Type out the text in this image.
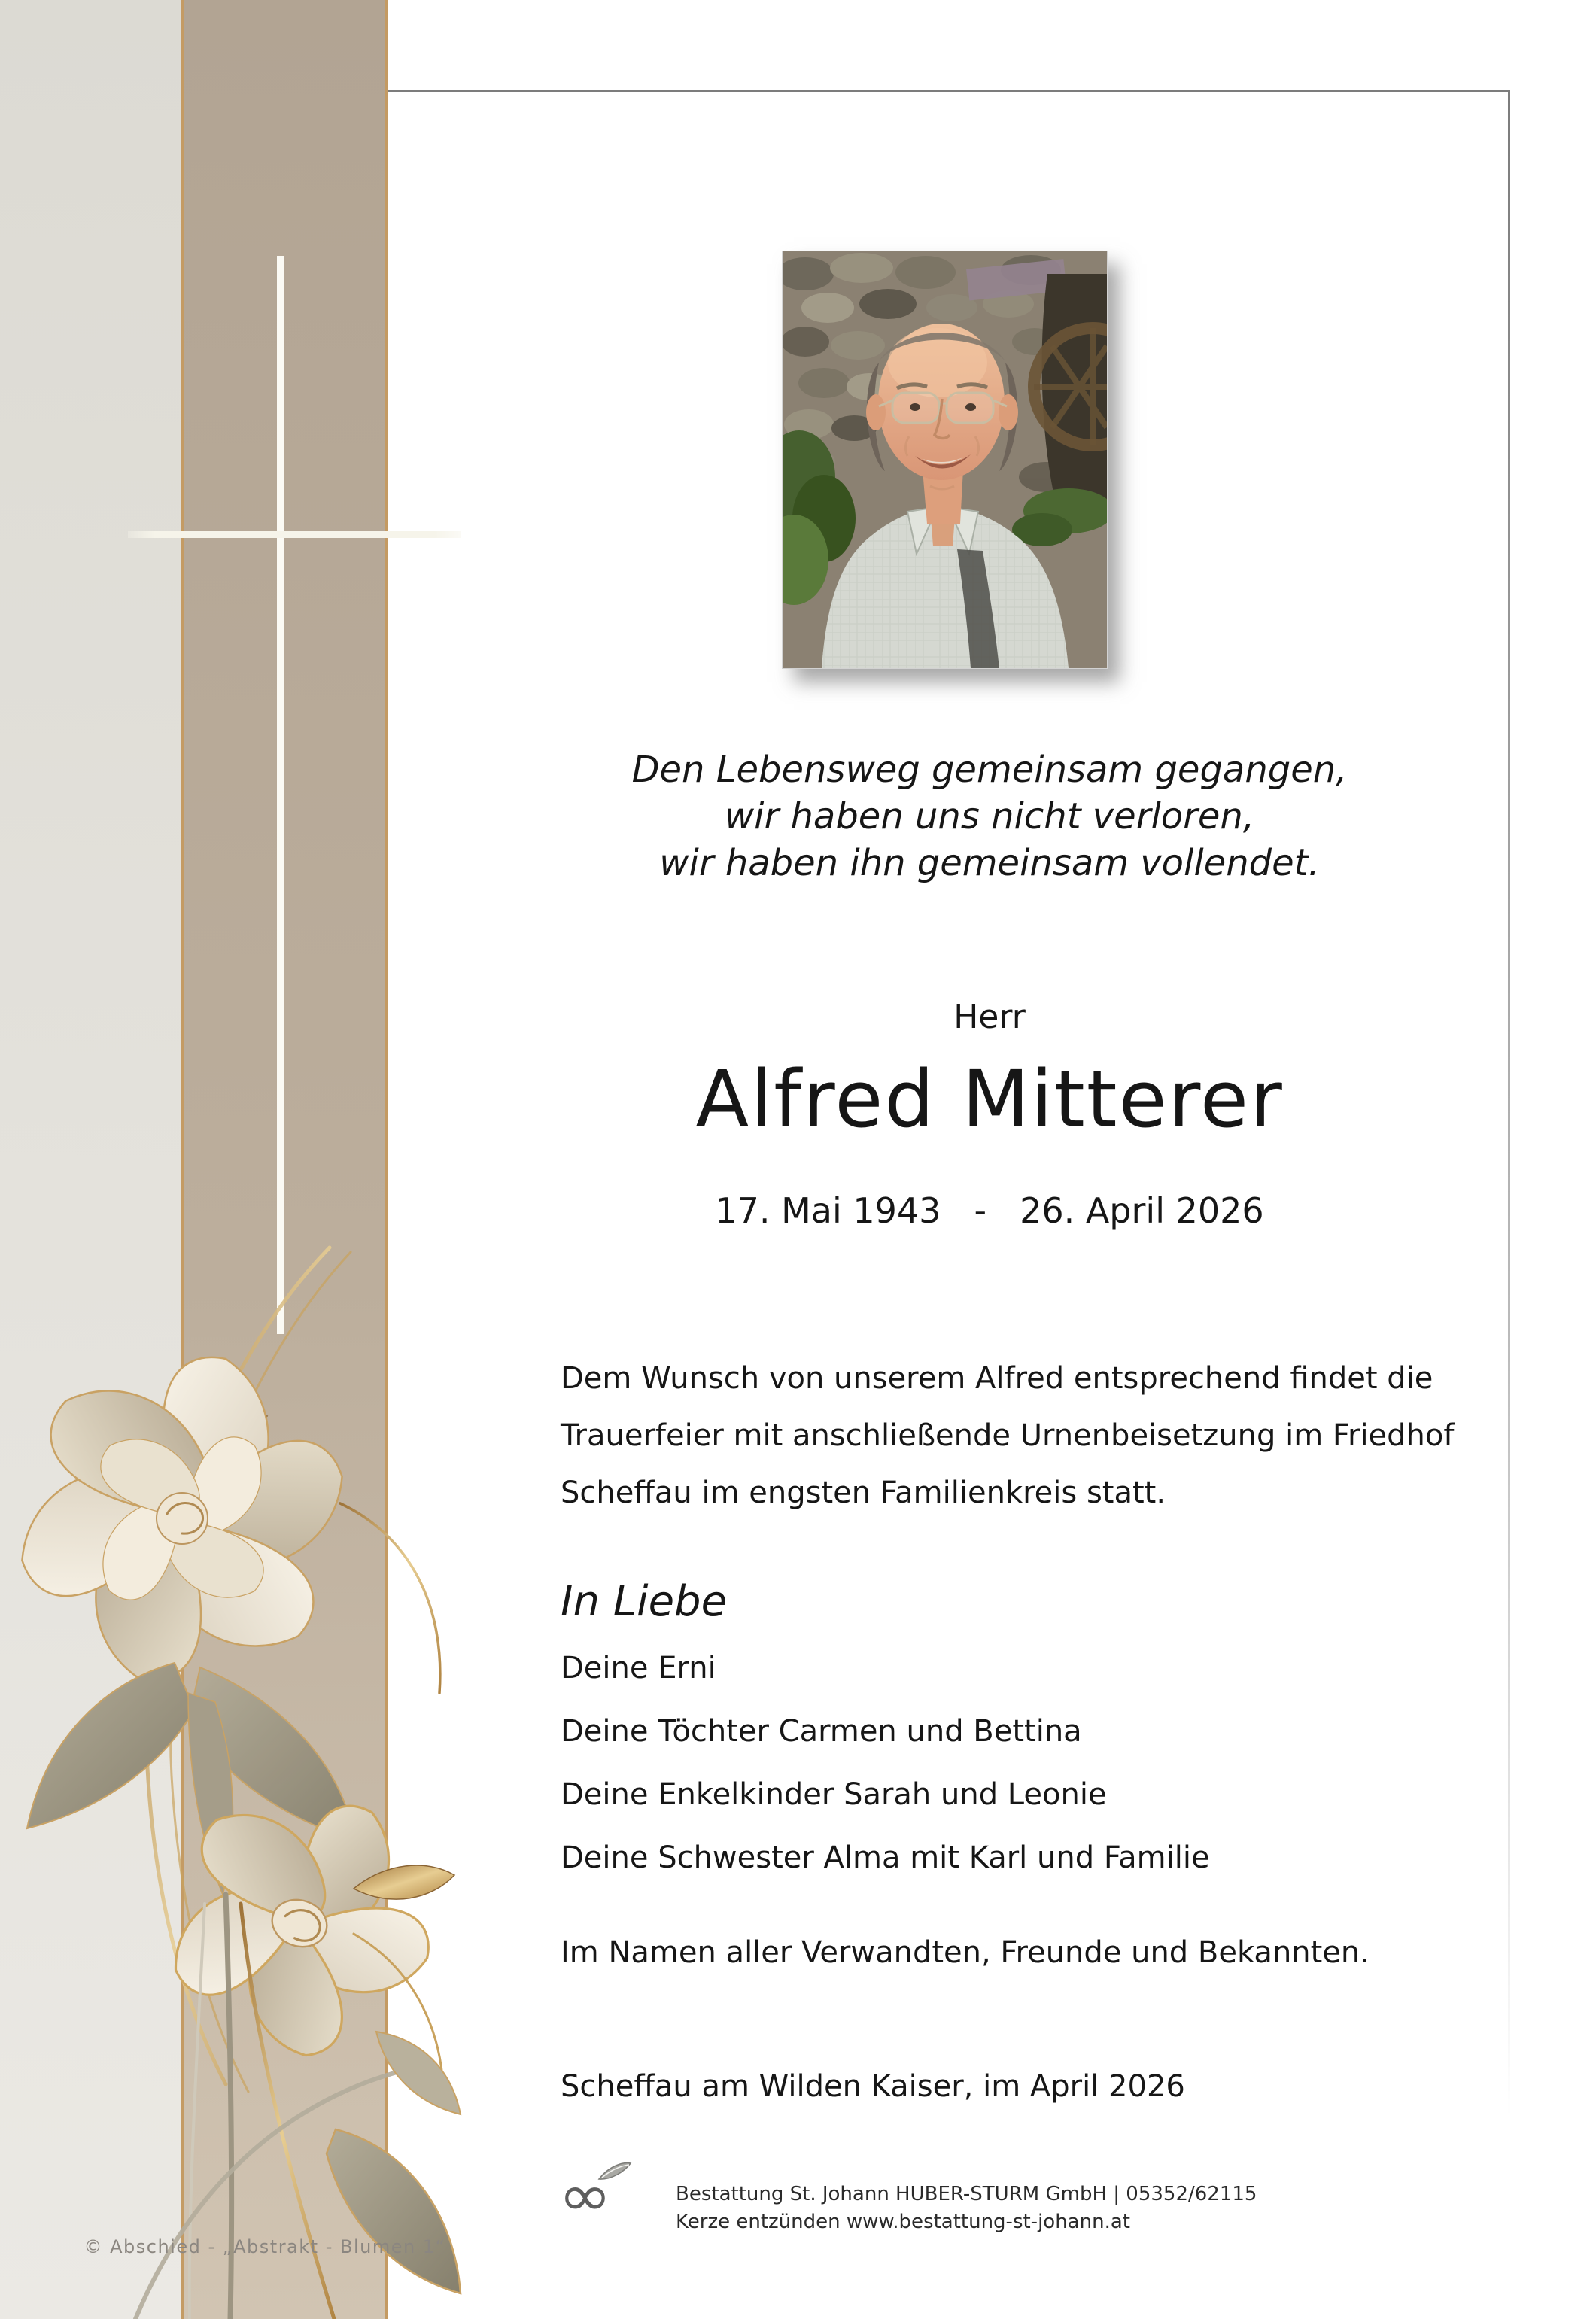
Den Lebensweg gemeinsam gegangen,
wir haben uns nicht verloren,
wir haben ihn gemeinsam vollendet.
Herr
Alfred Mitterer
17. Mai 1943 - 26. April 2026
Dem Wunsch von unserem Alfred entsprechend findet die
Trauerfeier mit anschließende Urnenbeisetzung im Friedhof
Scheffau im engsten Familienkreis statt.
In Liebe
Deine Erni
Deine Töchter Carmen und Bettina
Deine Enkelkinder Sarah und Leonie
Deine Schwester Alma mit Karl und Familie
Im Namen aller Verwandten, Freunde und Bekannten.
Scheffau am Wilden Kaiser, im April 2026
∞	Bestattung St. Johann HUBER-STURM GmbH | 05352/62115
Kerze entzünden www.bestattung-st-johann.at
© Abschied - „Abstrakt - Blumen 1“
